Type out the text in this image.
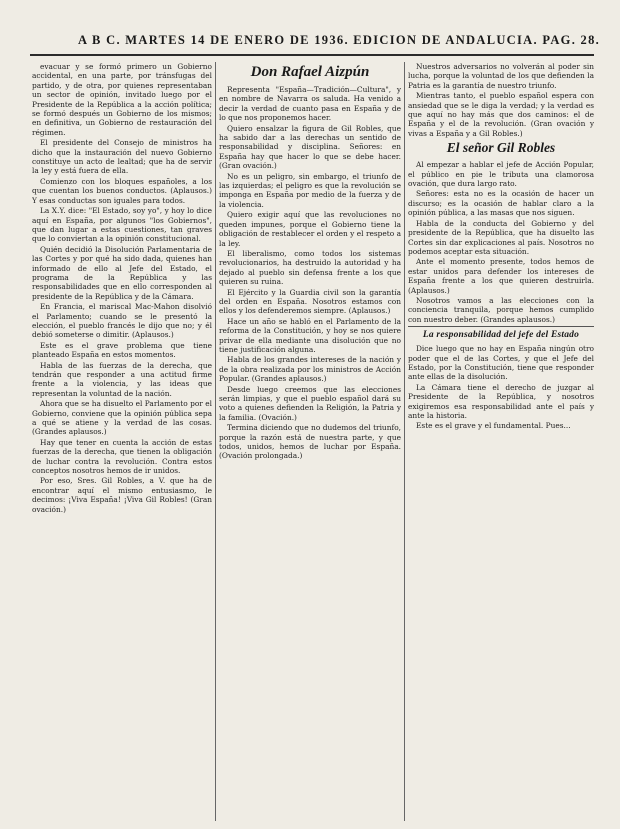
A B C. MARTES 14 DE ENERO DE 1936. EDICION DE ANDALUCIA. PAG. 28.

evacuar y se formó primero un Gobierno accidental, en una parte, por tránsfugas del partido, y de otra, por quienes representaban un sector de opinión, invitado luego por el Presidente de la República a la acción política; se formó después un Gobierno de los mismos; en definitiva, un Gobierno de restauración del régimen.

El presidente del Consejo de ministros ha dicho que la instauración del nuevo Gobierno constituye un acto de lealtad; que ha de servir la ley y está fuera de ella.

Comienzo con los bloques españoles, a los que cuentan los buenos conductos. (Aplausos.) Y esas conductas son iguales para todos.

La X.Y. dice: "El Estado, soy yo", y hoy lo dice aquí en España, por algunos "los Gobiernos", que dan lugar a estas cuestiones, tan graves que lo conviertan a la opinión constitucional.

Quién decidió la Disolución Parlamentaria de las Cortes y por qué ha sido dada, quienes han informado de ello al Jefe del Estado, el programa de la República y las responsabilidades que en ello corresponden al presidente de la República y de la Cámara.

En Francia, el mariscal Mac-Mahon disolvió el Parlamento; cuando se le presentó la elección, el pueblo francés le dijo que no; y él debió someterse o dimitir. (Aplausos.)

Este es el grave problema que tiene planteado España en estos momentos.

Habla de las fuerzas de la derecha, que tendrán que responder a una actitud firme frente a la violencia, y las ideas que representan la voluntad de la nación.

Ahora que se ha disuelto el Parlamento por el Gobierno, conviene que la opinión pública sepa a qué se atiene y la verdad de las cosas. (Grandes aplausos.)

Hay que tener en cuenta la acción de estas fuerzas de la derecha, que tienen la obligación de luchar contra la revolución. Contra estos conceptos nosotros hemos de ir unidos.

Por eso, Sres. Gil Robles, a V. que ha de encontrar aquí el mismo entusiasmo, le decimos: ¡Viva España! ¡Viva Gil Robles! (Gran ovación.)

Don Rafael Aizpún

Representa "España—Tradición—Cultura", y en nombre de Navarra os saluda. Ha venido a decir la verdad de cuanto pasa en España y de lo que nos proponemos hacer.

Quiero ensalzar la figura de Gil Robles, que ha sabido dar a las derechas un sentido de responsabilidad y disciplina. Señores: en España hay que hacer lo que se debe hacer. (Gran ovación.)

No es un peligro, sin embargo, el triunfo de las izquierdas; el peligro es que la revolución se imponga en España por medio de la fuerza y de la violencia.

Quiero exigir aquí que las revoluciones no queden impunes, porque el Gobierno tiene la obligación de restablecer el orden y el respeto a la ley.

El liberalismo, como todos los sistemas revolucionarios, ha destruido la autoridad y ha dejado al pueblo sin defensa frente a los que quieren su ruina.

El Ejército y la Guardia civil son la garantía del orden en España. Nosotros estamos con ellos y los defenderemos siempre. (Aplausos.)

Hace un año se habló en el Parlamento de la reforma de la Constitución, y hoy se nos quiere privar de ella mediante una disolución que no tiene justificación alguna.

Habla de los grandes intereses de la nación y de la obra realizada por los ministros de Acción Popular. (Grandes aplausos.)

Desde luego creemos que las elecciones serán limpias, y que el pueblo español dará su voto a quienes defienden la Religión, la Patria y la familia. (Ovación.)

Termina diciendo que no dudemos del triunfo, porque la razón está de nuestra parte, y que todos, unidos, hemos de luchar por España. (Ovación prolongada.)

Nuestros adversarios no volverán al poder sin lucha, porque la voluntad de los que defienden la Patria es la garantía de nuestro triunfo.

Mientras tanto, el pueblo español espera con ansiedad que se le diga la verdad; y la verdad es que aquí no hay más que dos caminos: el de España y el de la revolución. (Gran ovación y vivas a España y a Gil Robles.)

El señor Gil Robles

Al empezar a hablar el jefe de Acción Popular, el público en pie le tributa una clamorosa ovación, que dura largo rato.

Señores: esta no es la ocasión de hacer un discurso; es la ocasión de hablar claro a la opinión pública, a las masas que nos siguen.

Habla de la conducta del Gobierno y del presidente de la República, que ha disuelto las Cortes sin dar explicaciones al país. Nosotros no podemos aceptar esta situación.

Ante el momento presente, todos hemos de estar unidos para defender los intereses de España frente a los que quieren destruirla. (Aplausos.)

Nosotros vamos a las elecciones con la conciencia tranquila, porque hemos cumplido con nuestro deber. (Grandes aplausos.)

La responsabilidad del jefe del Estado

Dice luego que no hay en España ningún otro poder que el de las Cortes, y que el Jefe del Estado, por la Constitución, tiene que responder ante ellas de la disolución.

La Cámara tiene el derecho de juzgar al Presidente de la República, y nosotros exigiremos esa responsabilidad ante el país y ante la historia.

Este es el grave y el fundamental. Pues...
